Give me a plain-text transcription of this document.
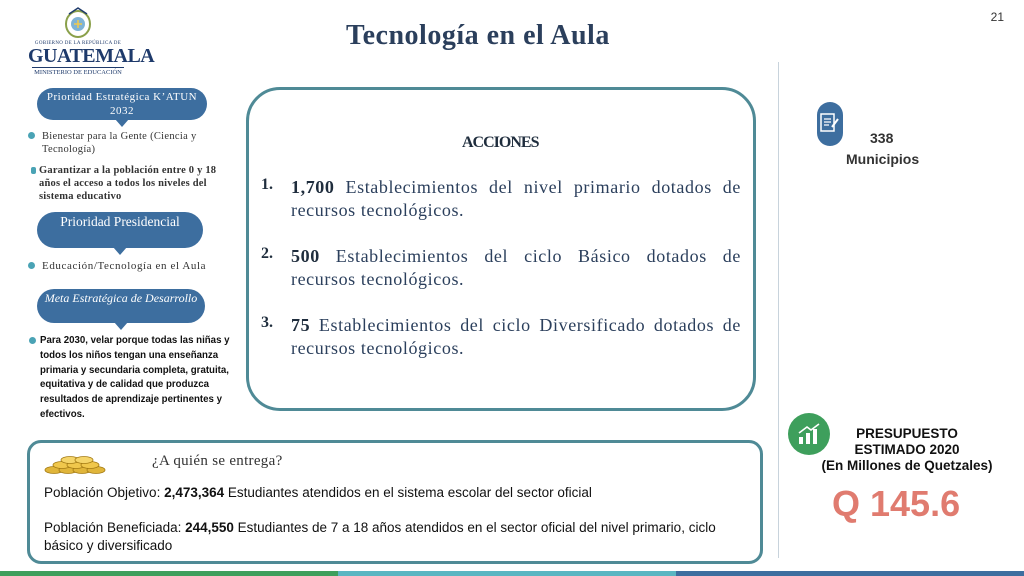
21
GOBIERNO DE LA REPÚBLICA DE
GUATEMALA
MINISTERIO DE EDUCACIÓN
Tecnología en el Aula
Prioridad Estratégica K’ATUN 2032
Bienestar para la Gente (Ciencia y Tecnología)
Garantizar a la población entre 0 y 18 años el acceso a todos los niveles del sistema educativo
Prioridad Presidencial
Educación/Tecnología en el Aula
Meta Estratégica de Desarrollo
Para 2030, velar porque todas las niñas y todos los niños tengan una enseñanza primaria y secundaria completa, gratuita, equitativa y de calidad que produzca resultados de aprendizaje pertinentes y efectivos.
ACCIONES
1. 1,700 Establecimientos del nivel primario dotados de recursos tecnológicos.
2. 500 Establecimientos del ciclo Básico dotados de recursos tecnológicos.
3. 75 Establecimientos del ciclo Diversificado dotados de recursos tecnológicos.
338
Municipios
PRESUPUESTO
ESTIMADO 2020
(En Millones de Quetzales)
Q 145.6
¿A quién se entrega?
Población Objetivo: 2,473,364 Estudiantes atendidos en el sistema escolar del sector oficial
Población Beneficiada: 244,550 Estudiantes de 7 a 18 años atendidos en el sector oficial del nivel primario, ciclo básico y diversificado
